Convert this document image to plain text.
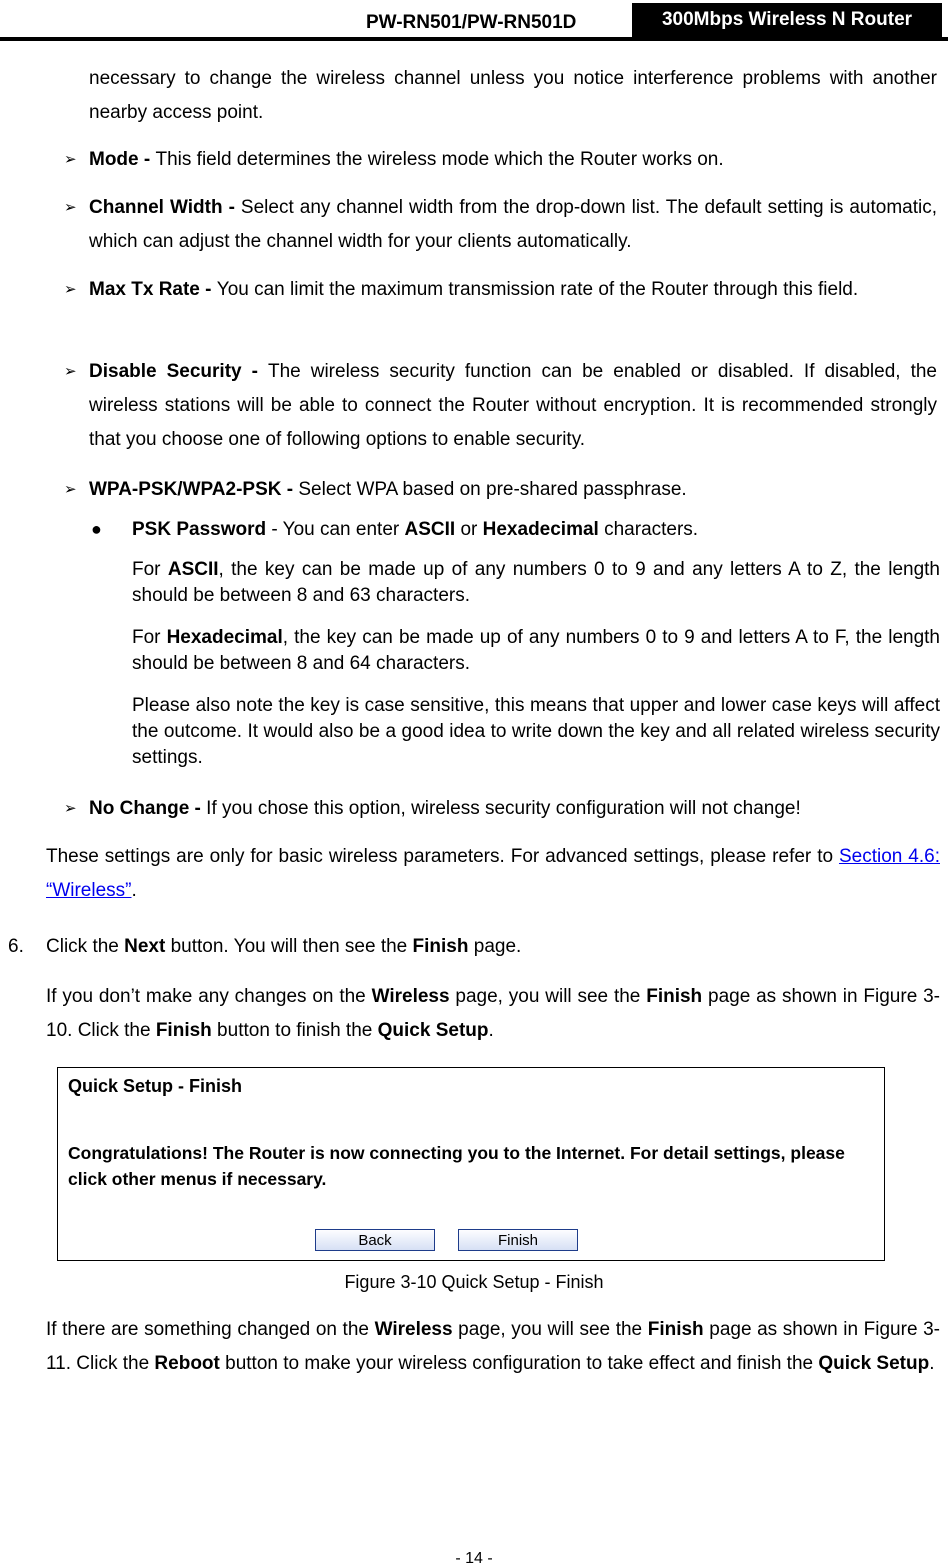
PW-RN501/PW-RN501D	300Mbps Wireless N Router
necessary to change the wireless channel unless you notice interference problems with another nearby access point.
➢ Mode - This field determines the wireless mode which the Router works on.
➢ Channel Width - Select any channel width from the drop-down list. The default setting is automatic, which can adjust the channel width for your clients automatically.
➢ Max Tx Rate - You can limit the maximum transmission rate of the Router through this field.
➢ Disable Security - The wireless security function can be enabled or disabled. If disabled, the wireless stations will be able to connect the Router without encryption. It is recommended strongly that you choose one of following options to enable security.
➢ WPA-PSK/WPA2-PSK - Select WPA based on pre-shared passphrase.
● PSK Password - You can enter ASCII or Hexadecimal characters.
For ASCII, the key can be made up of any numbers 0 to 9 and any letters A to Z, the length should be between 8 and 63 characters.
For Hexadecimal, the key can be made up of any numbers 0 to 9 and letters A to F, the length should be between 8 and 64 characters.
Please also note the key is case sensitive, this means that upper and lower case keys will affect the outcome. It would also be a good idea to write down the key and all related wireless security settings.
➢ No Change - If you chose this option, wireless security configuration will not change!
These settings are only for basic wireless parameters. For advanced settings, please refer to Section 4.6: “Wireless”.
6. Click the Next button. You will then see the Finish page.
If you don’t make any changes on the Wireless page, you will see the Finish page as shown in Figure 3-10. Click the Finish button to finish the Quick Setup.
Quick Setup - Finish
Congratulations! The Router is now connecting you to the Internet. For detail settings, please click other menus if necessary.
Back	Finish
Figure 3-10 Quick Setup - Finish
If there are something changed on the Wireless page, you will see the Finish page as shown in Figure 3-11. Click the Reboot button to make your wireless configuration to take effect and finish the Quick Setup.
- 14 -
